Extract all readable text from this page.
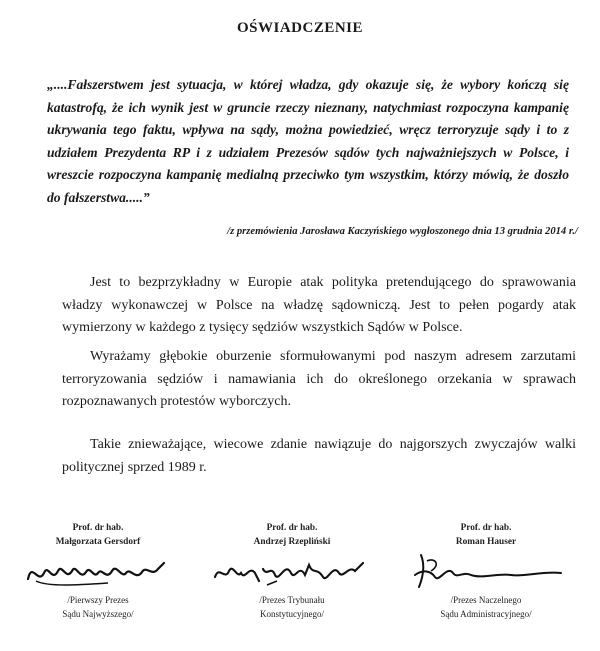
OŚWIADCZENIE

„....Fałszerstwem jest sytuacja, w której władza, gdy okazuje się, że wybory kończą się katastrofą, że ich wynik jest w gruncie rzeczy nieznany, natychmiast rozpoczyna kampanię ukrywania tego faktu, wpływa na sądy, można powiedzieć, wręcz terroryzuje sądy i to z udziałem Prezydenta RP i z udziałem Prezesów sądów tych najważniejszych w Polsce, i wreszcie rozpoczyna kampanię medialną przeciwko tym wszystkim, którzy mówią, że doszło do fałszerstwa.....”

/z przemówienia Jarosława Kaczyńskiego wygłoszonego dnia 13 grudnia 2014 r./

Jest to bezprzykładny w Europie atak polityka pretendującego do sprawowania władzy wykonawczej w Polsce na władzę sądowniczą. Jest to pełen pogardy atak wymierzony w każdego z tysięcy sędziów wszystkich Sądów w Polsce.

Wyrażamy głębokie oburzenie sformułowanymi pod naszym adresem zarzutami terroryzowania sędziów i namawiania ich do określonego orzekania w sprawach rozpoznawanych protestów wyborczych.

Takie znieważające, wiecowe zdanie nawiązuje do najgorszych zwyczajów walki politycznej sprzed 1989 r.

Prof. dr hab.
Małgorzata Gersdorf
/Pierwszy Prezes
Sądu Najwyższego/
Prof. dr hab.
Andrzej Rzepliński
/Prezes Trybunału
Konstytucyjnego/
Prof. dr hab.
Roman Hauser
/Prezes Naczelnego
Sądu Administracyjnego/
